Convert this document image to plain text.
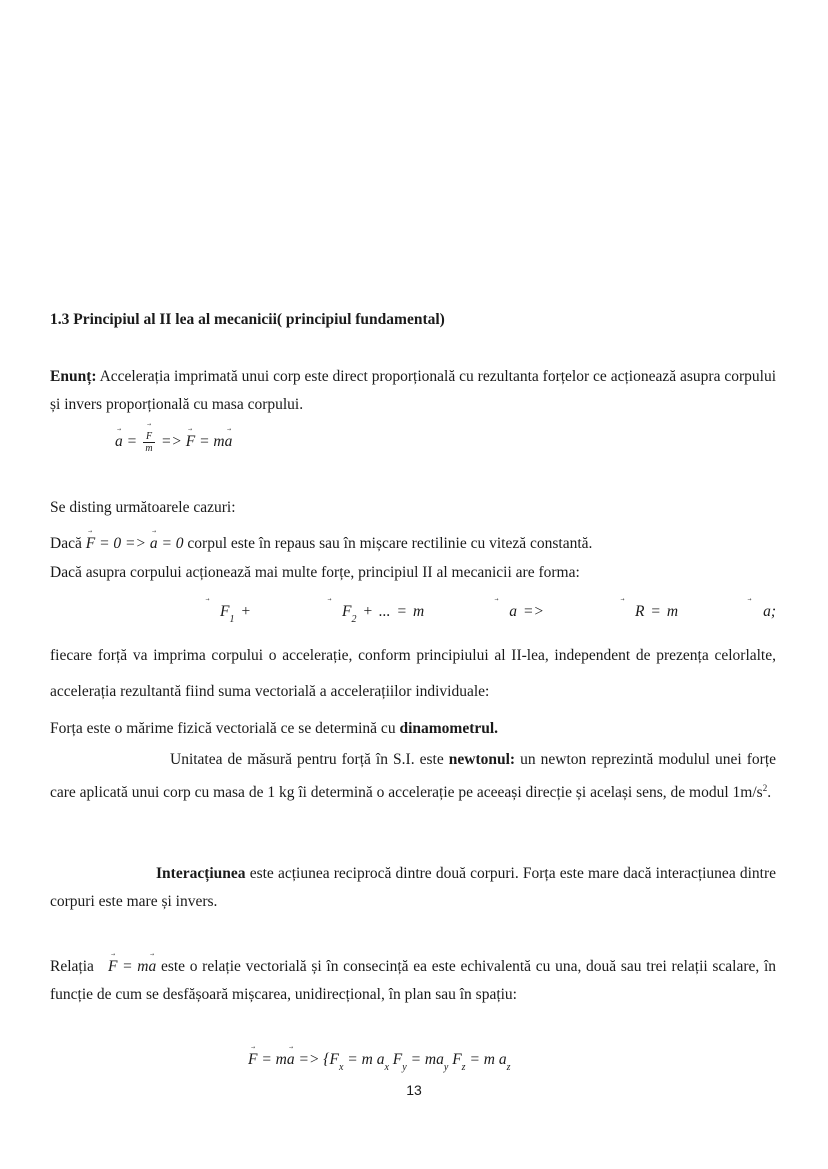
1.3 Principiul al II lea al mecanicii( principiul fundamental)
Enunț: Accelerația imprimată unui corp este direct proporțională cu rezultanta forțelor ce acționează asupra corpului și invers proporțională cu masa corpului.
→ a = → $\frac{F}{m}$ => → F = m→ a
Se disting următoarele cazuri:
Dacă → F = 0 => → a = 0 corpul este în repaus sau în mișcare rectilinie cu viteză constantă.
Dacă asupra corpului acționează mai multe forțe, principiul II al mecanicii are forma:
→ $F_1$ +	→ $F_2$ + ... = m	→ a =>	→ R = m	→ a; fiecare forță va imprima corpului o accelerație, conform principiului al II-lea, independent de prezența celorlalte, accelerația rezultantă fiind suma vectorială a accelerațiilor individuale:
Forța este o mărime fizică vectorială ce se determină cu dinamometrul.
Unitatea de măsură pentru forță în S.I. este newtonul: un newton reprezintă modulul unei forțe care aplicată unui corp cu masa de 1 kg îi determină o accelerație pe aceeași direcție și același sens, de modul $1m/s^2$.
Interacțiunea este acțiunea reciprocă dintre două corpuri. Forța este mare dacă interacțiunea dintre corpuri este mare și invers.
Relația   → F = m→ a este o relație vectorială și în consecință ea este echivalentă cu una, două sau trei relații scalare, în funcție de cum se desfășoară mișcarea, unidirecțional, în plan sau în spațiu:
→ $F = m\to a => \{F_x = m$ $a_x$ $F_y = ma_y$ $F_z = m$ $a_z$
13
